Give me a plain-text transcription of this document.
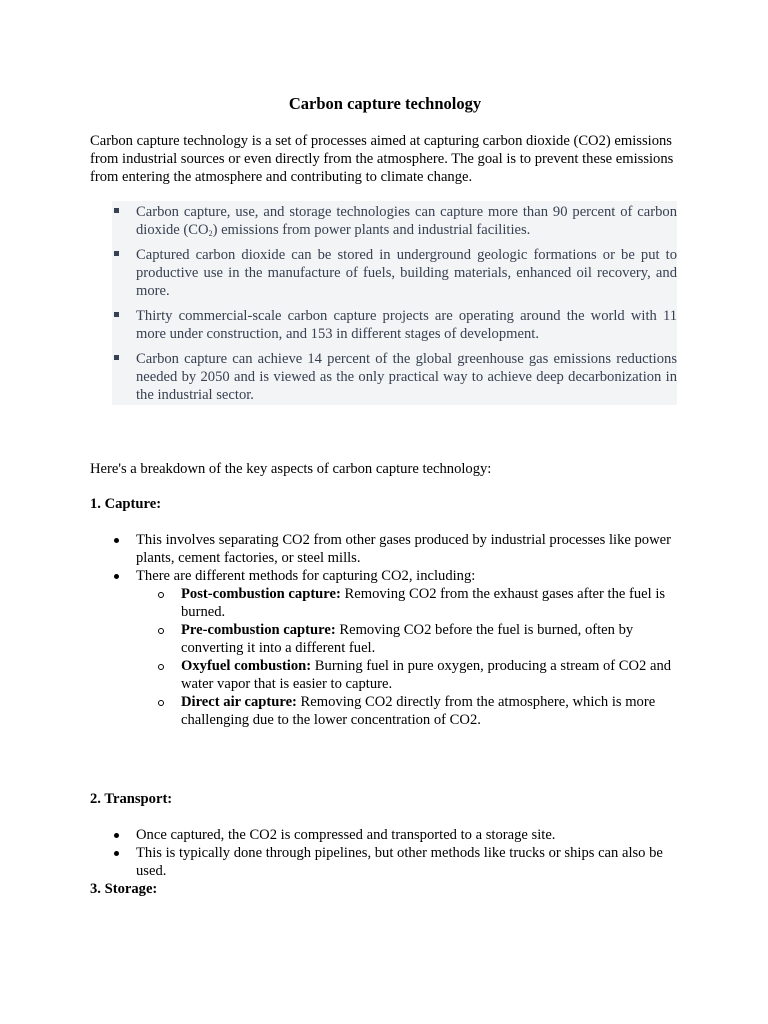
Carbon capture technology

Carbon capture technology is a set of processes aimed at capturing carbon dioxide (CO2) emissions from industrial sources or even directly from the atmosphere. The goal is to prevent these emissions from entering the atmosphere and contributing to climate change.

Carbon capture, use, and storage technologies can capture more than 90 percent of carbon dioxide (CO2) emissions from power plants and industrial facilities.
Captured carbon dioxide can be stored in underground geologic formations or be put to productive use in the manufacture of fuels, building materials, enhanced oil recovery, and more.
Thirty commercial-scale carbon capture projects are operating around the world with 11 more under construction, and 153 in different stages of development.
Carbon capture can achieve 14 percent of the global greenhouse gas emissions reductions needed by 2050 and is viewed as the only practical way to achieve deep decarbonization in the industrial sector.

Here's a breakdown of the key aspects of carbon capture technology:

1. Capture:
This involves separating CO2 from other gases produced by industrial processes like power plants, cement factories, or steel mills.
There are different methods for capturing CO2, including:
Post-combustion capture: Removing CO2 from the exhaust gases after the fuel is burned.
Pre-combustion capture: Removing CO2 before the fuel is burned, often by converting it into a different fuel.
Oxyfuel combustion: Burning fuel in pure oxygen, producing a stream of CO2 and water vapor that is easier to capture.
Direct air capture: Removing CO2 directly from the atmosphere, which is more challenging due to the lower concentration of CO2.
2. Transport:
Once captured, the CO2 is compressed and transported to a storage site.
This is typically done through pipelines, but other methods like trucks or ships can also be used.
3. Storage:
